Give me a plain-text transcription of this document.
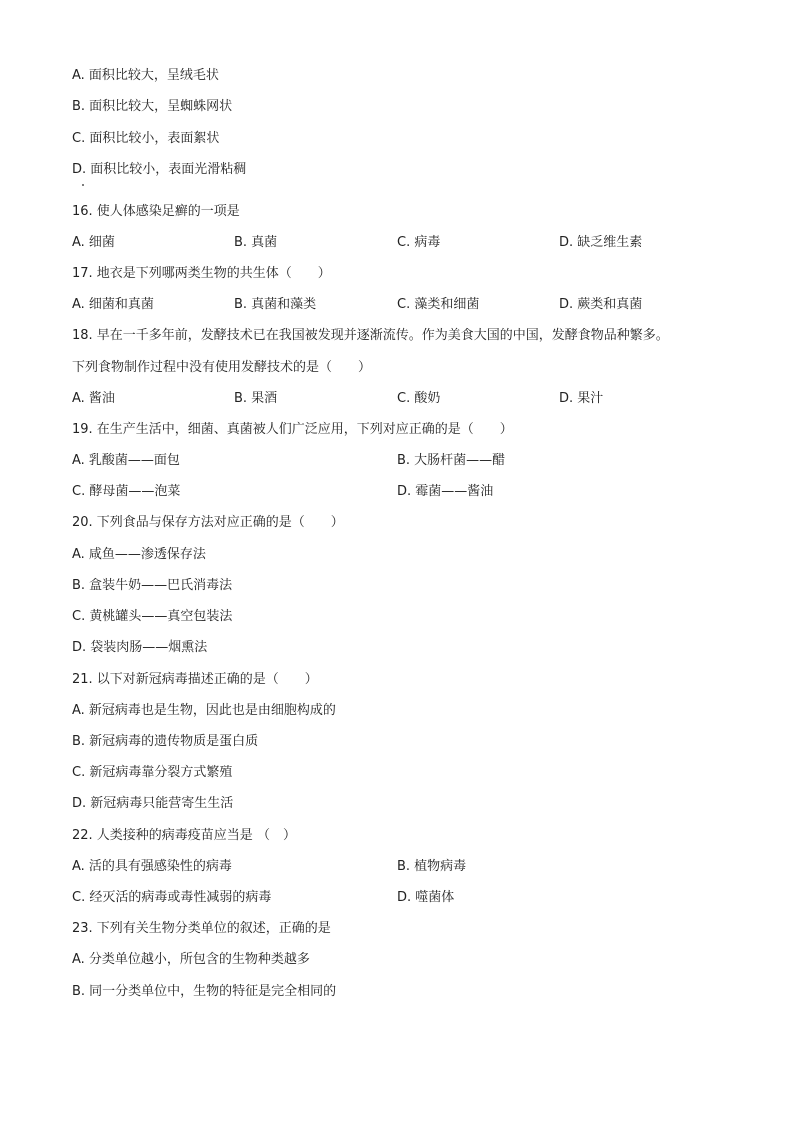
A. 面积比较大，呈绒毛状
B. 面积比较大，呈蜘蛛网状
C. 面积比较小，表面絮状
D. 面积比较小，表面光滑粘稠
16. 使人体感染足癣的一项是
A. 细菌	B. 真菌	C. 病毒	D. 缺乏维生素
17. 地衣是下列哪两类生物的共生体（　　）
A. 细菌和真菌	B. 真菌和藻类	C. 藻类和细菌	D. 蕨类和真菌
18. 早在一千多年前，发酵技术已在我国被发现并逐渐流传。作为美食大国的中国，发酵食物品种繁多。
下列食物制作过程中没有使用发酵技术的是（　　）
A. 酱油	B. 果酒	C. 酸奶	D. 果汁
19. 在生产生活中，细菌、真菌被人们广泛应用，下列对应正确的是（　　）
A. 乳酸菌——面包	B. 大肠杆菌——醋
C. 酵母菌——泡菜	D. 霉菌——酱油
20. 下列食品与保存方法对应正确的是（　　）
A. 咸鱼——渗透保存法
B. 盒装牛奶——巴氏消毒法
C. 黄桃罐头——真空包装法
D. 袋装肉肠——烟熏法
21. 以下对新冠病毒描述正确的是（　　）
A. 新冠病毒也是生物，因此也是由细胞构成的
B. 新冠病毒的遗传物质是蛋白质
C. 新冠病毒靠分裂方式繁殖
D. 新冠病毒只能营寄生生活
22. 人类接种的病毒疫苗应当是 （　）
A. 活的具有强感染性的病毒	B. 植物病毒
C. 经灭活的病毒或毒性减弱的病毒	D. 噬菌体
23. 下列有关生物分类单位的叙述，正确的是
A. 分类单位越小，所包含的生物种类越多
B. 同一分类单位中，生物的特征是完全相同的
